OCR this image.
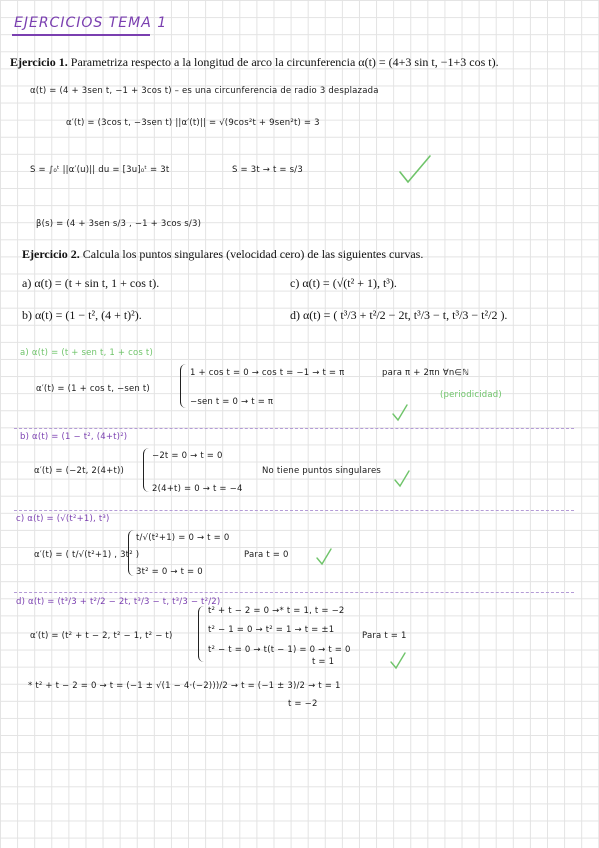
EJERCICIOS TEMA 1
Ejercicio 1. Parametriza respecto a la longitud de arco la circunferencia α(t) = (4+3 sin t, −1+3 cos t).
α(t) = (4 + 3sen t, −1 + 3cos t) – es una circunferencia de radio 3 desplazada
α′(t) = (3cos t, −3sen t) ||α′(t)|| = √(9cos²t + 9sen²t) = 3
S = ∫₀ᵗ ||α′(u)|| du = [3u]₀ᵗ = 3t	S = 3t → t = s/3
β(s) = (4 + 3sen s/3 , −1 + 3cos s/3)
Ejercicio 2. Calcula los puntos singulares (velocidad cero) de las siguientes curvas.
a) α(t) = (t + sin t, 1 + cos t).	c) α(t) = (√(t² + 1), t³).
b) α(t) = (1 − t², (4 + t)²).	d) α(t) = ( t³/3 + t²/2 − 2t, t³/3 − t, t³/3 − t²/2 ).
a) α(t) = (t + sen t, 1 + cos t)
α′(t) = (1 + cos t, −sen t)
1 + cos t = 0 → cos t = −1 → t = π
−sen t = 0 → t = π
para π + 2πn ∀n∈ℕ
(periodicidad)
b) α(t) = (1 − t², (4+t)²)
α′(t) = (−2t, 2(4+t))
−2t = 0 → t = 0
2(4+t) = 0 → t = −4
No tiene puntos singulares
c) α(t) = (√(t²+1), t³)
α′(t) = ( t/√(t²+1) , 3t² )
t/√(t²+1) = 0 → t = 0
3t² = 0 → t = 0
Para t = 0
d) α(t) = (t³/3 + t²/2 − 2t, t³/3 − t, t³/3 − t²/2)
α′(t) = (t² + t − 2, t² − 1, t² − t)
t² + t − 2 = 0 →* t = 1, t = −2
t² − 1 = 0 → t² = 1 → t = ±1
t² − t = 0 → t(t − 1) = 0 → t = 0
t = 1
Para t = 1
* t² + t − 2 = 0 → t = (−1 ± √(1 − 4·(−2)))/2 → t = (−1 ± 3)/2 → t = 1
t = −2
